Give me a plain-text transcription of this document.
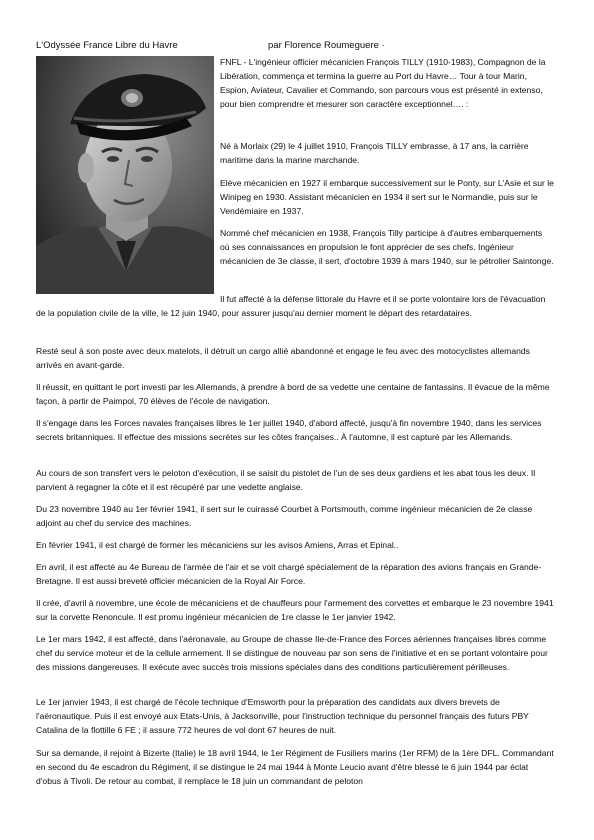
L'Odyssée France Libre du Havre	par Florence Roumeguere ·

FNFL - L'ingénieur officier mécanicien François TILLY (1910-1983), Compagnon de la Libération, commença et termina la guerre au Port du Havre… Tour à tour Marin, Espion, Aviateur, Cavalier et Commando, son parcours vous est présenté in extenso, pour bien comprendre et mesurer son caractère exceptionnel…. :

Né à Morlaix (29) le 4 juillet 1910, François TILLY embrasse, à 17 ans, la carrière maritime dans la marine marchande.

Elève mécanicien en 1927 il embarque successivement sur le Ponty, sur L'Asie et sur le Winipeg en 1930. Assistant mécanicien en 1934 il sert sur le Normandie, puis sur le Vendémiaire en 1937.

Nommé chef mécanicien en 1938, François Tilly participe à d'autres embarquements où ses connaissances en propulsion le font apprécier de ses chefs. Ingénieur mécanicien de 3e classe, il sert, d'octobre 1939 à mars 1940, sur le pétrolier Saintonge.

Il fut affecté à la défense littorale du Havre et il se porte volontaire lors de l'évacuation de la population civile de la ville, le 12 juin 1940, pour assurer jusqu'au dernier moment le départ des retardataires.

Resté seul à son poste avec deux matelots, il détruit un cargo allié abandonné et engage le feu avec des motocyclistes allemands arrivés en avant-garde.

Il réussit, en quittant le port investi par les Allemands, à prendre à bord de sa vedette une centaine de fantassins. Il évacue de la même façon, à partir de Paimpol, 70 élèves de l'école de navigation.

Il s'engage dans les Forces navales françaises libres le 1er juillet 1940, d'abord affecté, jusqu'à fin novembre 1940, dans les services secrets britanniques. Il effectue des missions secrètes sur les côtes françaises.. À l'automne, il est capturé par les Allemands.

Au cours de son transfert vers le peloton d'exécution, il se saisit du pistolet de l'un de ses deux gardiens et les abat tous les deux. Il parvient à regagner la côte et il est récupéré par une vedette anglaise.

Du 23 novembre 1940 au 1er février 1941, il sert sur le cuirassé Courbet à Portsmouth, comme ingénieur mécanicien de 2e classe adjoint au chef du service des machines.

En février 1941, il est chargé de former les mécaniciens sur les avisos Amiens, Arras et Epinal..

En avril, il est affecté au 4e Bureau de l'armée de l'air et se voit chargé spécialement de la réparation des avions français en Grande-Bretagne. Il est aussi breveté officier mécanicien de la Royal Air Force.

Il crée, d'avril à novembre, une école de mécaniciens et de chauffeurs pour l'armement des corvettes et embarque le 23 novembre 1941 sur la corvette Renoncule. Il est promu ingénieur mécanicien de 1re classe le 1er janvier 1942.

Le 1er mars 1942, il est affecté, dans l'aéronavale, au Groupe de chasse Ile-de-France des Forces aériennes françaises libres comme chef du service moteur et de la cellule armement. Il se distingue de nouveau par son sens de l'initiative et en se portant volontaire pour des missions dangereuses. Il exécute avec succès trois missions spéciales dans des conditions particulièrement périlleuses.

Le 1er janvier 1943, il est chargé de l'école technique d'Emsworth pour la préparation des candidats aux divers brevets de l'aéronautique. Puis il est envoyé aux Etats-Unis, à Jacksonville, pour l'instruction technique du personnel français des futurs PBY Catalina de la flottille 6 FE ; il assure 772 heures de vol dont 67 heures de nuit.

Sur sa demande, il rejoint à Bizerte (Italie) le 18 avril 1944, le 1er Régiment de Fusiliers marins (1er RFM) de la 1ère DFL. Commandant en second du 4e escadron du Régiment, il se distingue le 24 mai 1944 à Monte Leucio avant d'être blessé le 6 juin 1944 par éclat d'obus à Tivoli. De retour au combat, il remplace le 18 juin un commandant de peloton
